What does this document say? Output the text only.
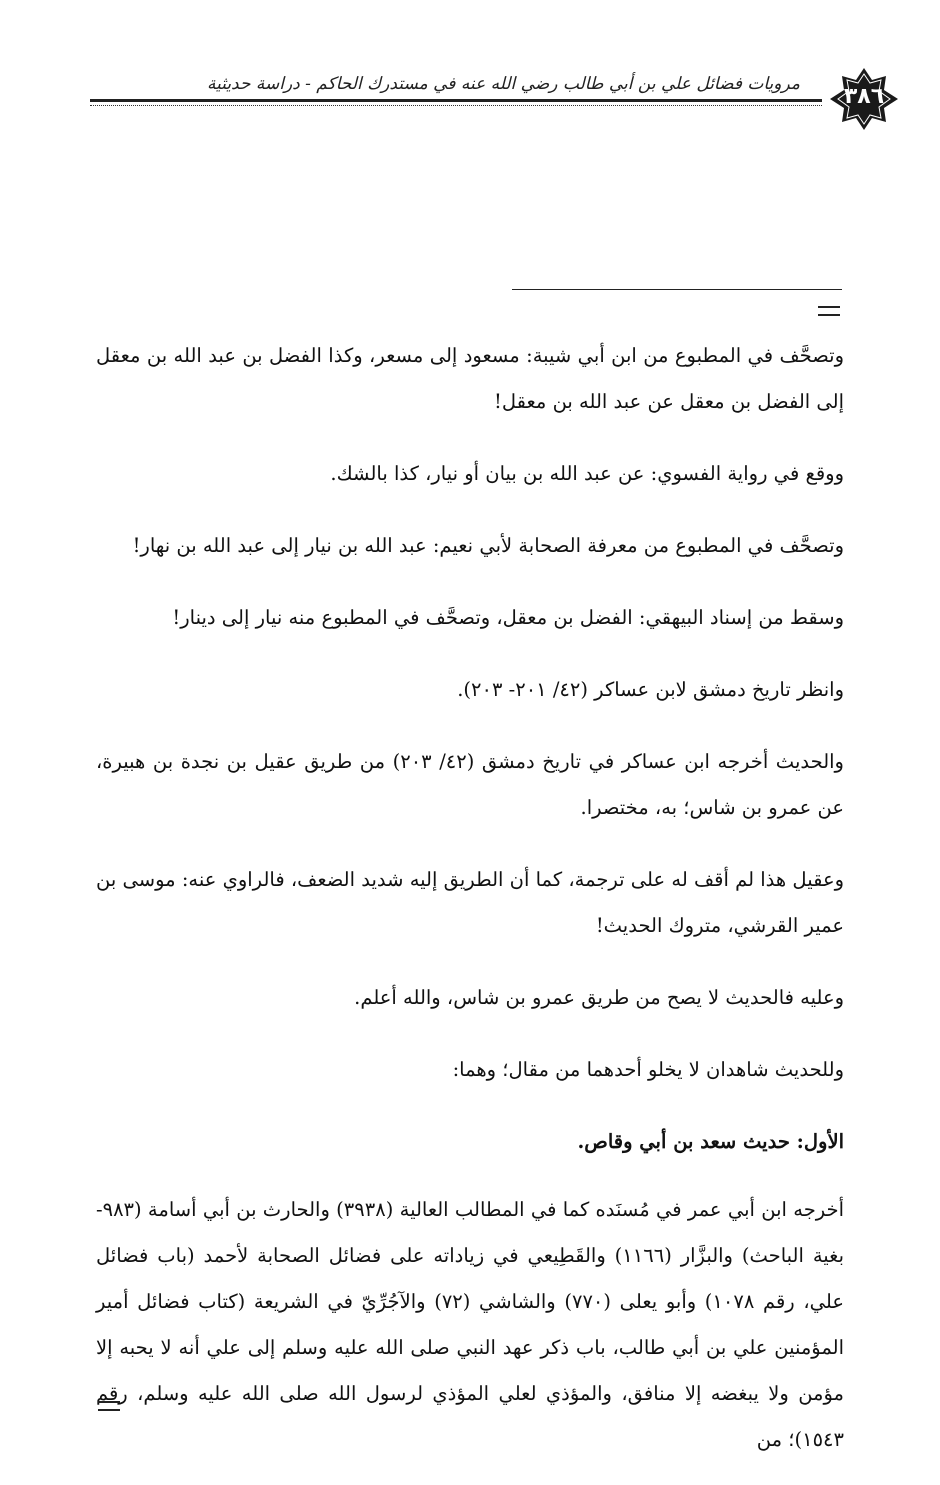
مرويات فضائل علي بن أبي طالب رضي الله عنه في مستدرك الحاكم - دراسة حديثية	٣٨٦

وتصحَّف في المطبوع من ابن أبي شيبة: مسعود إلى مسعر، وكذا الفضل بن عبد الله بن معقل إلى الفضل بن معقل عن عبد الله بن معقل!

ووقع في رواية الفسوي: عن عبد الله بن بيان أو نيار، كذا بالشك.

وتصحَّف في المطبوع من معرفة الصحابة لأبي نعيم: عبد الله بن نيار إلى عبد الله بن نهار!

وسقط من إسناد البيهقي: الفضل بن معقل، وتصحَّف في المطبوع منه نيار إلى دينار!

وانظر تاريخ دمشق لابن عساكر (٤٢/ ٢٠١- ٢٠٣).

والحديث أخرجه ابن عساكر في تاريخ دمشق (٤٢/ ٢٠٣) من طريق عقيل بن نجدة بن هبيرة، عن عمرو بن شاس؛ به، مختصرا.

وعقيل هذا لم أقف له على ترجمة، كما أن الطريق إليه شديد الضعف، فالراوي عنه: موسى بن عمير القرشي، متروك الحديث!

وعليه فالحديث لا يصح من طريق عمرو بن شاس، والله أعلم.

وللحديث شاهدان لا يخلو أحدهما من مقال؛ وهما:

الأول: حديث سعد بن أبي وقاص.

أخرجه ابن أبي عمر في مُسنَده كما في المطالب العالية (٣٩٣٨) والحارث بن أبي أسامة (٩٨٣- بغية الباحث) والبزَّار (١١٦٦) والقَطِيعي في زياداته على فضائل الصحابة لأحمد (باب فضائل علي، رقم ١٠٧٨) وأبو يعلى (٧٧٠) والشاشي (٧٢) والآجُرِّيّ في الشريعة (كتاب فضائل أمير المؤمنين علي بن أبي طالب، باب ذكر عهد النبي صلى الله عليه وسلم إلى علي أنه لا يحبه إلا مؤمن ولا يبغضه إلا منافق، والمؤذي لعلي المؤذي لرسول الله صلى الله عليه وسلم، رقم ١٥٤٣)؛ من
